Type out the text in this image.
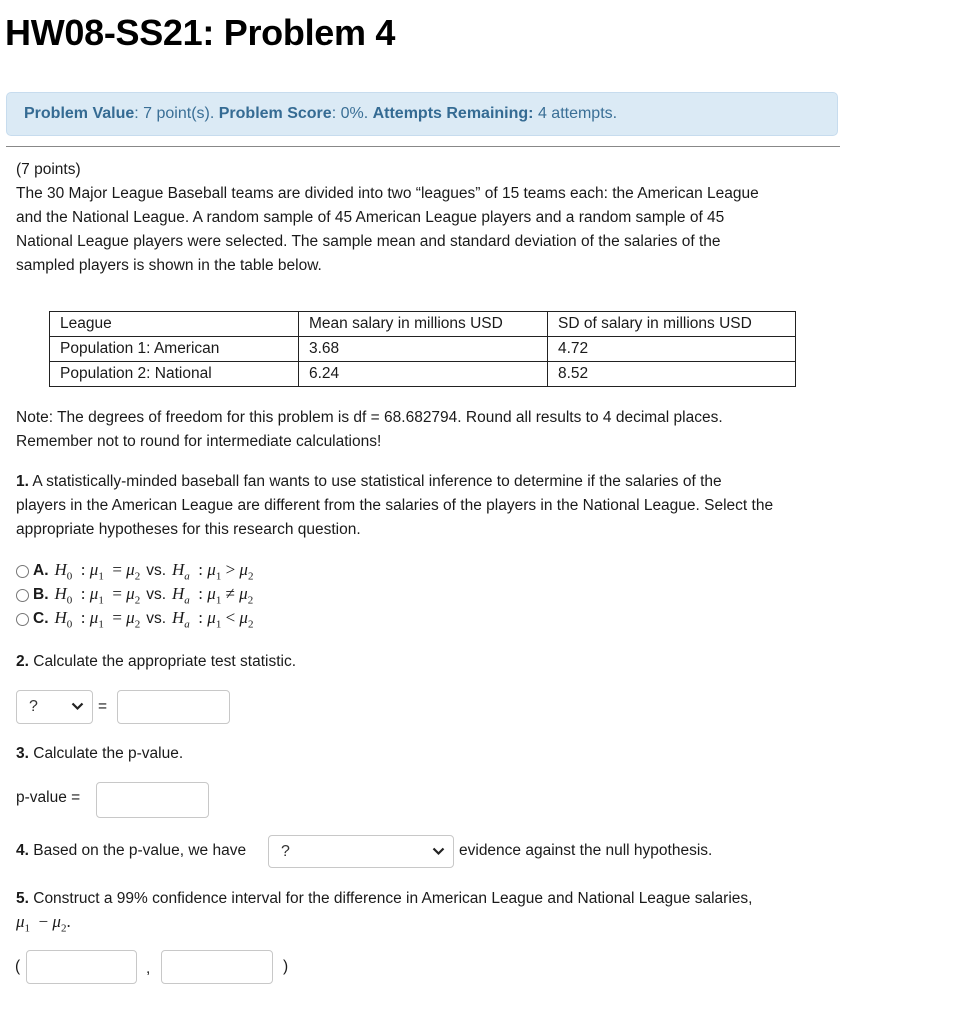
HW08-SS21: Problem 4
Problem Value: 7 point(s). Problem Score: 0%. Attempts Remaining: 4 attempts.

(7 points)

The 30 Major League Baseball teams are divided into two “leagues” of 15 teams each: the American League

and the National League. A random sample of 45 American League players and a random sample of 45

National League players were selected. The sample mean and standard deviation of the salaries of the

sampled players is shown in the table below.

League	Mean salary in millions USD	SD of salary in millions USD
Population 1: American	3.68	4.72
Population 2: National	6.24	8.52

Note: The degrees of freedom for this problem is df = 68.682794. Round all results to 4 decimal places.

Remember not to round for intermediate calculations!

1. A statistically-minded baseball fan wants to use statistical inference to determine if the salaries of the

players in the American League are different from the salaries of the players in the National League. Select the

appropriate hypotheses for this research question.

A. $H_0$  : $\mu_1 = \mu_2$ vs. $H_a$  : $\mu_1 > \mu_2$
B. $H_0$  : $\mu_1 = \mu_2$ vs. $H_a$  : $\mu_1 \ne \mu_2$
C. $H_0$  : $\mu_1 = \mu_2$ vs. $H_a$  : $\mu_1 < \mu_2$

2. Calculate the appropriate test statistic.

?	=

3. Calculate the p-value.

p-value =
4. Based on the p-value, we have ?	evidence against the null hypothesis.

5. Construct a 99% confidence interval for the difference in American League and National League salaries,

$\mu_1 - \mu_2$.
(	,	)
